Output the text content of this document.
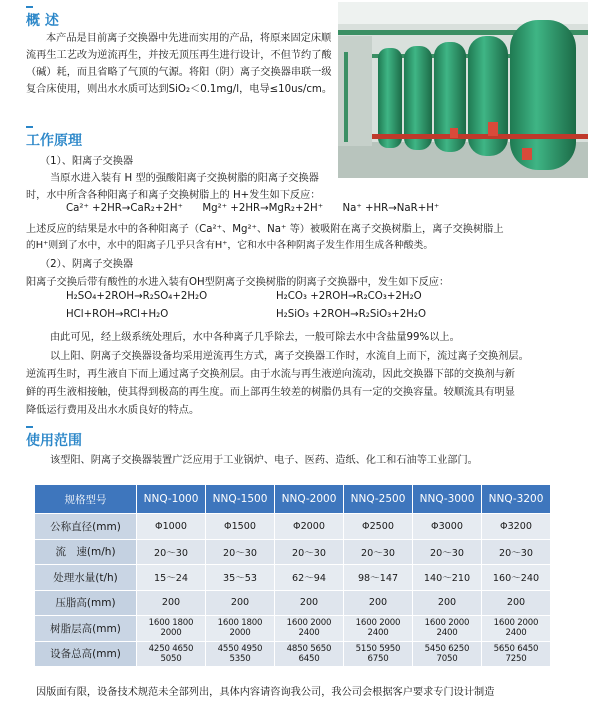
概 述
本产品是目前离子交换器中先进而实用的产品，将原来固定床顺流再生工艺改为逆流再生，并按无顶压再生进行设计，不但节约了酸（碱）耗，而且省略了气顶的气源。将阳（阴）离子交换器串联一级复合床使用，则出水水质可达到SiO₂＜0.1mg/l，电导≤10us/cm。
工作原理
（1）、阳离子交换器
当原水进入装有 H 型的强酸阳离子交换树脂的阳离子交换器
时，水中所含各种阳离子和离子交换树脂上的 H+发生如下反应：
Ca²⁺ +2HR→CaR₂+2H⁺      Mg²⁺ +2HR→MgR₂+2H⁺      Na⁺ +HR→NaR+H⁺
上述反应的结果是水中的各种阳离子（Ca²⁺、Mg²⁺、Na⁺ 等）被吸附在离子交换树脂上，离子交换树脂上
的H⁺则到了水中，水中的阳离子几乎只含有H⁺，它和水中各种阴离子发生作用生成各种酸类。
（2）、阴离子交换器
阳离子交换后带有酸性的水进入装有OH型阴离子交换树脂的阴离子交换器中，发生如下反应：
H₂SO₄+2ROH→R₂SO₄+2H₂O	H₂CO₃ +2ROH→R₂CO₃+2H₂O
HCl+ROH→RCl+H₂O	H₂SiO₃ +2ROH→R₂SiO₃+2H₂O
由此可见，经上级系统处理后，水中各种离子几乎除去，一般可除去水中含盐量99%以上。
以上阳、阴离子交换器设备均采用逆流再生方式，离子交换器工作时，水流自上而下，流过离子交换剂层。
逆流再生时，再生液自下而上通过离子交换剂层。由于水流与再生液逆向流动，因此交换器下部的交换剂与新
鲜的再生液相接触，使其得到极高的再生度。而上部再生较差的树脂仍具有一定的交换容量。较顺流具有明显
降低运行费用及出水水质良好的特点。
使用范围
该型阳、阴离子交换器装置广泛应用于工业锅炉、电子、医药、造纸、化工和石油等工业部门。
规格型号	NNQ-1000	NNQ-1500	NNQ-2000	NNQ-2500	NNQ-3000	NNQ-3200
公称直径(mm)	Φ1000	Φ1500	Φ2000	Φ2500	Φ3000	Φ3200
流　速(m/h)	20～30	20～30	20～30	20～30	20～30	20～30
处理水量(t/h)	15～24	35～53	62～94	98～147	140～210	160～240
压脂高(mm)	200	200	200	200	200	200
树脂层高(mm)	1600 1800 2000	1600 1800 2000	1600 2000 2400	1600 2000 2400	1600 2000 2400	1600 2000 2400
设备总高(mm)	4250 4650 5050	4550 4950 5350	4850 5650 6450	5150 5950 6750	5450 6250 7050	5650 6450 7250
因版面有限，设备技术规范未全部列出，具体内容请咨询我公司，我公司会根据客户要求专门设计制造
